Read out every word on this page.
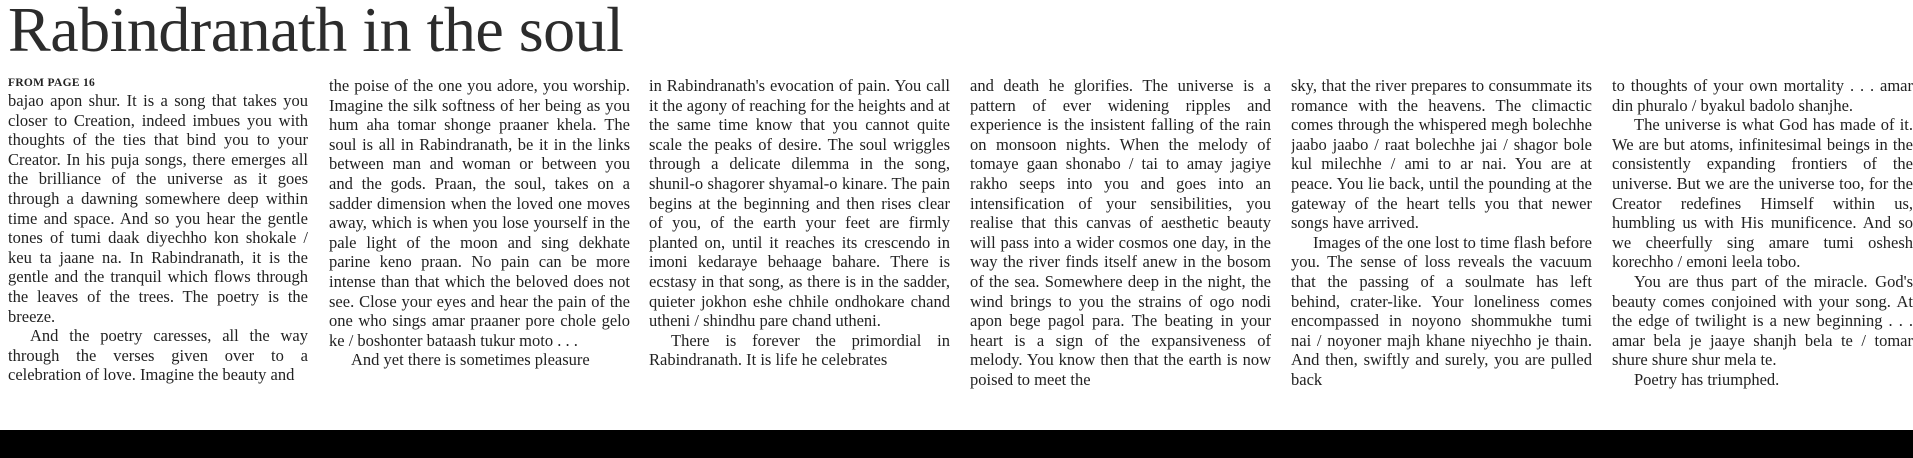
Rabindranath in the soul
FROM PAGE 16

bajao apon shur. It is a song that takes you closer to Creation, indeed imbues you with thoughts of the ties that bind you to your Creator. In his puja songs, there emerges all the brilliance of the universe as it goes through a dawning somewhere deep within time and space. And so you hear the gentle tones of tumi daak diyechho kon shokale / keu ta jaane na. In Rabindranath, it is the gentle and the tranquil which flows through the leaves of the trees. The poetry is the breeze.

And the poetry caresses, all the way through the verses given over to a celebration of love. Imagine the beauty and

the poise of the one you adore, you worship. Imagine the silk softness of her being as you hum aha tomar shonge praaner khela. The soul is all in Rabindranath, be it in the links between man and woman or between you and the gods. Praan, the soul, takes on a sadder dimension when the loved one moves away, which is when you lose yourself in the pale light of the moon and sing dekhate parine keno praan. No pain can be more intense than that which the beloved does not see. Close your eyes and hear the pain of the one who sings amar praaner pore chole gelo ke / boshonter bataash tukur moto . . .

And yet there is sometimes pleasure

in Rabindranath's evocation of pain. You call it the agony of reaching for the heights and at the same time know that you cannot quite scale the peaks of desire. The soul wriggles through a delicate dilemma in the song, shunil-o shagorer shyamal-o kinare. The pain begins at the beginning and then rises clear of you, of the earth your feet are firmly planted on, until it reaches its crescendo in imoni kedaraye behaage bahare. There is ecstasy in that song, as there is in the sadder, quieter jokhon eshe chhile ondhokare chand utheni / shindhu pare chand utheni.

There is forever the primordial in Rabindranath. It is life he celebrates

and death he glorifies. The universe is a pattern of ever widening ripples and experience is the insistent falling of the rain on monsoon nights. When the melody of tomaye gaan shonabo / tai to amay jagiye rakho seeps into you and goes into an intensification of your sensibilities, you realise that this canvas of aesthetic beauty will pass into a wider cosmos one day, in the way the river finds itself anew in the bosom of the sea. Somewhere deep in the night, the wind brings to you the strains of ogo nodi apon bege pagol para. The beating in your heart is a sign of the expansiveness of melody. You know then that the earth is now poised to meet the

sky, that the river prepares to consummate its romance with the heavens. The climactic comes through the whispered megh bolechhe jaabo jaabo / raat bolechhe jai / shagor bole kul milechhe / ami to ar nai. You are at peace. You lie back, until the pounding at the gateway of the heart tells you that newer songs have arrived.

Images of the one lost to time flash before you. The sense of loss reveals the vacuum that the passing of a soulmate has left behind, crater-like. Your loneliness comes encompassed in noyono shommukhe tumi nai / noyoner majh khane niyechho je thain. And then, swiftly and surely, you are pulled back

to thoughts of your own mortality . . . amar din phuralo / byakul badolo shanjhe.

The universe is what God has made of it. We are but atoms, infinitesimal beings in the consistently expanding frontiers of the universe. But we are the universe too, for the Creator redefines Himself within us, humbling us with His munificence. And so we cheerfully sing amare tumi oshesh korechho / emoni leela tobo.

You are thus part of the miracle. God's beauty comes conjoined with your song. At the edge of twilight is a new beginning . . . amar bela je jaaye shanjh bela te / tomar shure shure shur mela te.

Poetry has triumphed.
